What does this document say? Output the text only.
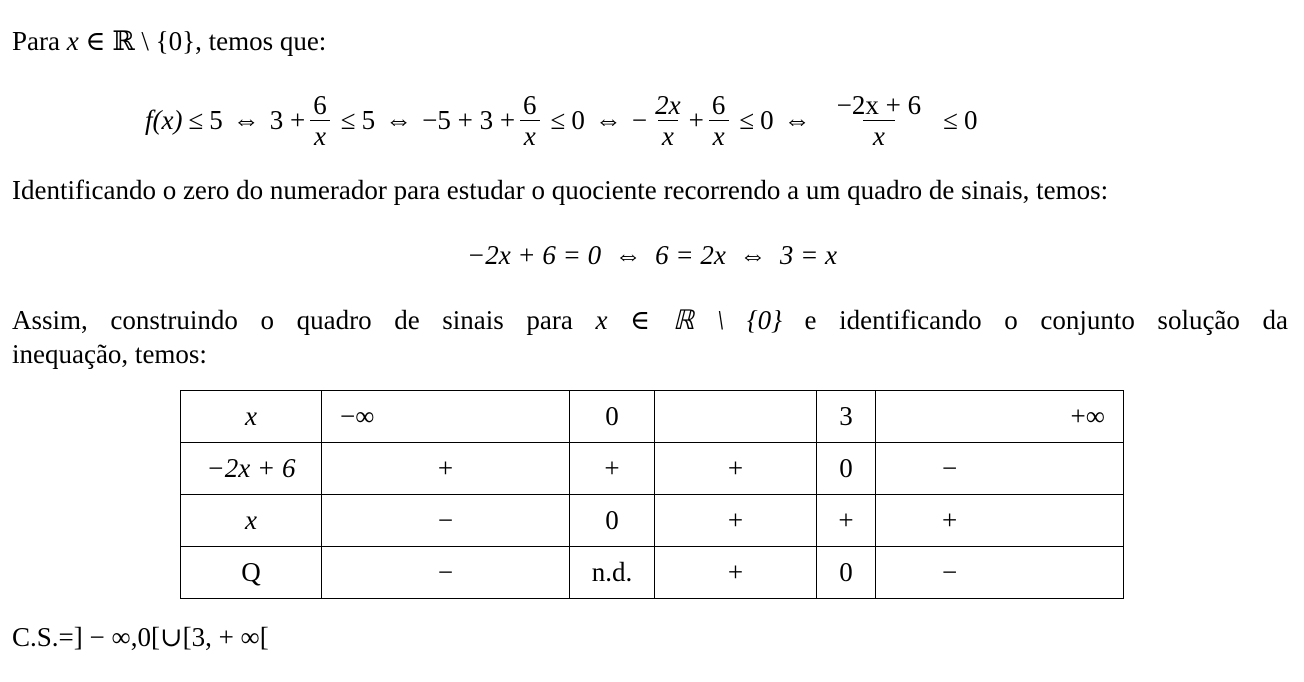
Para x ∈ ℝ \ {0}, temos que:
f(x) ≤ 5 ⇔ $3 + \frac{6}{x} \le 5$ ⇔ $-5 + 3 + \frac{6}{x} \le 0$ ⇔ − $\frac{2x}{x} + \frac{6}{x} \le 0$ ⇔ $\frac{-2x + 6}{x} \le 0$
Identificando o zero do numerador para estudar o quociente recorrendo a um quadro de sinais, temos:
−2x + 6 = 0  ⇔  6 = 2x  ⇔  3 = x
Assim, construindo o quadro de sinais para x ∈ ℝ \ {0} e identificando o conjunto solução da
inequação, temos:
x	−∞	0		3	+∞

−2x + 6	+	+	+	0	−

x	−	0	+	+	+

Q	−	n.d.	+	0	−
C.S.=] − ∞,0[∪[3, + ∞[
